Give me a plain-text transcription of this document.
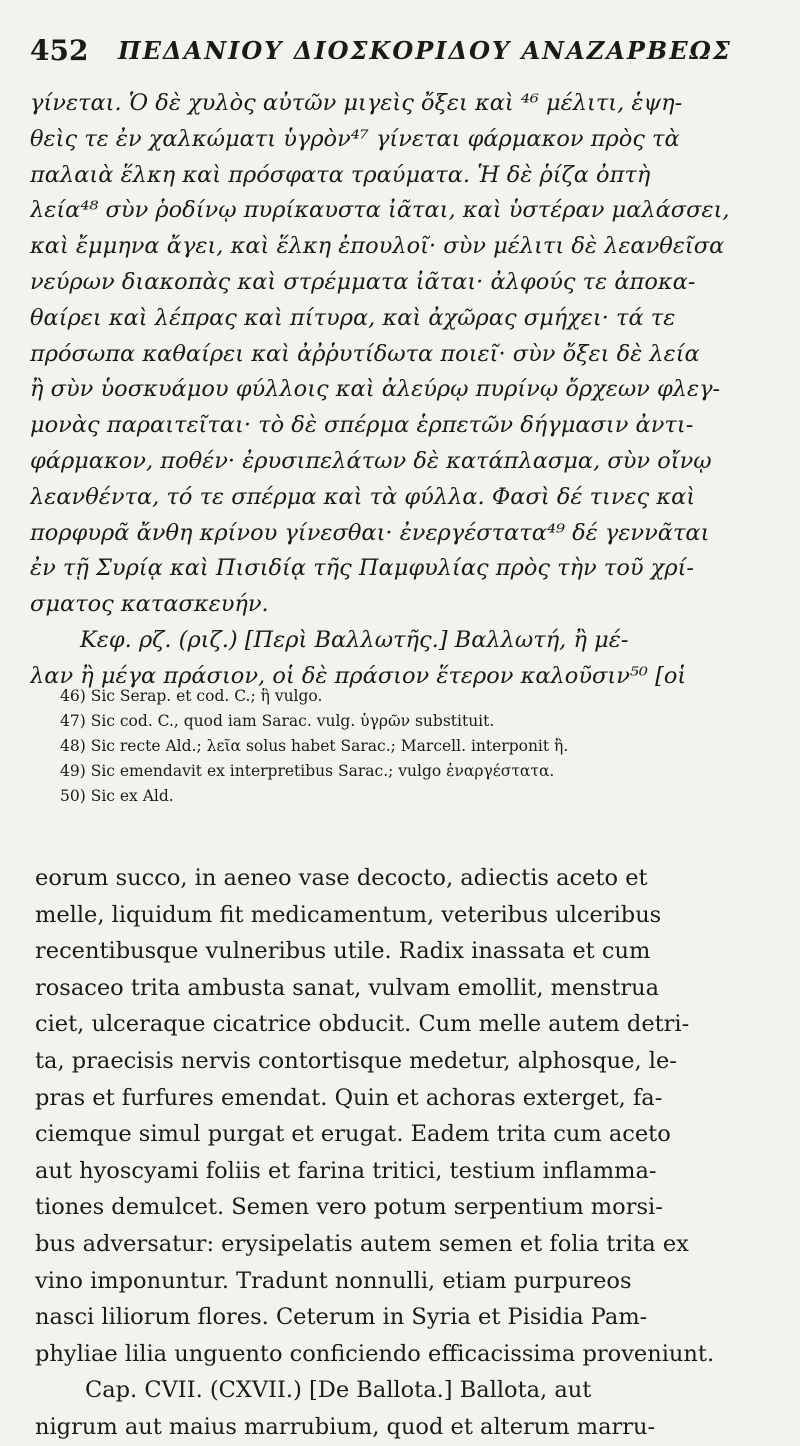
452 ΠΕΔΑΝΙΟΥ ΔΙΟΣΚΟΡΙΔΟΥ ΑΝΑΖΑΡΒΕΩΣ
γίνεται. Ὁ δὲ χυλὸς αὐτῶν μιγεὶς ὄξει καὶ ⁴⁶ μέλιτι, ἑψη-
θεὶς τε ἐν χαλκώματι ὑγρὸν⁴⁷ γίνεται φάρμακον πρὸς τὰ
παλαιὰ ἕλκη καὶ πρόσφατα τραύματα. Ἡ δὲ ῥίζα ὀπτὴ
λεία⁴⁸ σὺν ῥοδίνῳ πυρίκαυστα ἰᾶται, καὶ ὑστέραν μαλάσσει,
καὶ ἔμμηνα ἄγει, καὶ ἕλκη ἐπουλοῖ· σὺν μέλιτι δὲ λεανθεῖσα
νεύρων διακοπὰς καὶ στρέμματα ἰᾶται· ἀλφούς τε ἀποκα-
θαίρει καὶ λέπρας καὶ πίτυρα, καὶ ἀχῶρας σμήχει· τά τε
πρόσωπα καθαίρει καὶ ἀῤῥυτίδωτα ποιεῖ· σὺν ὄξει δὲ λεία
ἢ σὺν ὑοσκυάμου φύλλοις καὶ ἀλεύρῳ πυρίνῳ ὄρχεων φλεγ-
μονὰς παραιτεῖται· τὸ δὲ σπέρμα ἑρπετῶν δήγμασιν ἀντι-
φάρμακον, ποθέν· ἐρυσιπελάτων δὲ κατάπλασμα, σὺν οἴνῳ
λεανθέντα, τό τε σπέρμα καὶ τὰ φύλλα. Φασὶ δέ τινες καὶ
πορφυρᾶ ἄνθη κρίνου γίνεσθαι· ἐνεργέστατα⁴⁹ δέ γεννᾶται
ἐν τῇ Συρίᾳ καὶ Πισιδίᾳ τῆς Παμφυλίας πρὸς τὴν τοῦ χρί-
σματος κατασκευήν.
Κεφ. ρζ. (ριζ.) [Περὶ Βαλλωτῆς.] Βαλλωτή, ἢ μέ-
λαν ἢ μέγα πράσιον, οἱ δὲ πράσιον ἕτερον καλοῦσιν⁵⁰ [οἱ
46) Sic Serap. et cod. C.; ἢ vulgo.
47) Sic cod. C., quod iam Sarac. vulg. ὑγρῶν substituit.
48) Sic recte Ald.; λεῖα solus habet Sarac.; Marcell. interponit ἢ.
49) Sic emendavit ex interpretibus Sarac.; vulgo ἐναργέστατα.
50) Sic ex Ald.
eorum succo, in aeneo vase decocto, adiectis aceto et
melle, liquidum fit medicamentum, veteribus ulceribus
recentibusque vulneribus utile. Radix inassata et cum
rosaceo trita ambusta sanat, vulvam emollit, menstrua
ciet, ulceraque cicatrice obducit. Cum melle autem detri-
ta, praecisis nervis contortisque medetur, alphosque, le-
pras et furfures emendat. Quin et achoras exterget, fa-
ciemque simul purgat et erugat. Eadem trita cum aceto
aut hyoscyami foliis et farina tritici, testium inflamma-
tiones demulcet. Semen vero potum serpentium morsi-
bus adversatur: erysipelatis autem semen et folia trita ex
vino imponuntur. Tradunt nonnulli, etiam purpureos
nasci liliorum flores. Ceterum in Syria et Pisidia Pam-
phyliae lilia unguento conficiendo efficacissima proveniunt.
Cap. CVII. (CXVII.) [De Ballota.] Ballota, aut
nigrum aut maius marrubium, quod et alterum marru-
